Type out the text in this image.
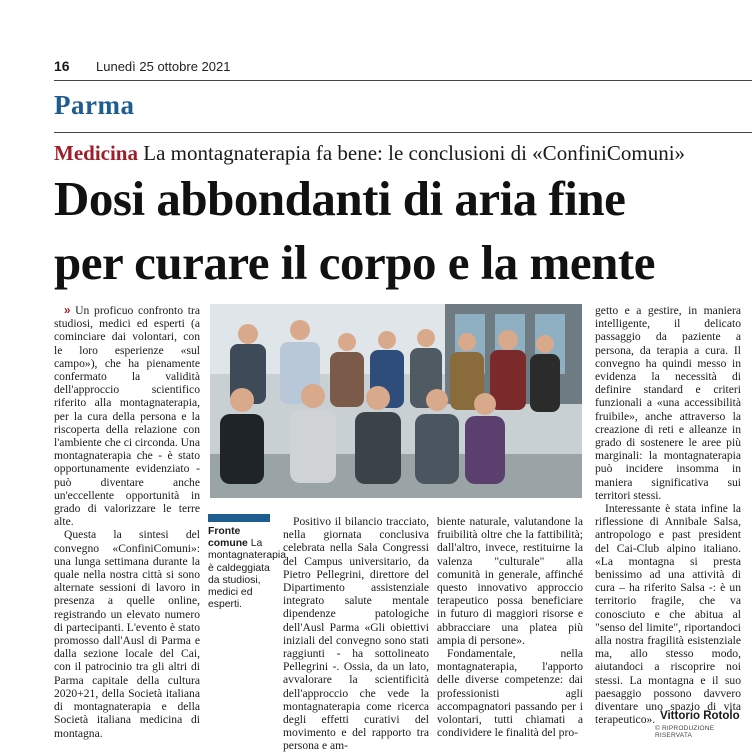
16 Lunedì 25 ottobre 2021
Parma
Medicina La montagnaterapia fa bene: le conclusioni di «ConfiniComuni»
Dosi abbondanti di aria fine
per curare il corpo e la mente

» Un proficuo confronto tra studiosi, medici ed esperti (a cominciare dai volontari, con le loro esperienze «sul campo»), che ha pienamente confermato la validità dell'approccio scientifico riferito alla montagnaterapia, per la cura della persona e la riscoperta della relazione con l'ambiente che ci circonda. Una montagnaterapia che - è stato opportunamente evidenziato - può diventare anche un'eccellente opportunità in grado di valorizzare le terre alte.

Questa la sintesi del convegno «ConfiniComuni»: una lunga settimana durante la quale nella nostra città si sono alternate sessioni di lavoro in presenza a quelle online, registrando un elevato numero di partecipanti. L'evento è stato promosso dall'Ausl di Parma e dalla sezione locale del Cai, con il patrocinio tra gli altri di Parma capitale della cultura 2020+21, della Società italiana di montagnaterapia e della Società italiana medicina di montagna.

Fronte comune La montagnaterapia è caldeggiata da studiosi, medici ed esperti.

Positivo il bilancio tracciato, nella giornata conclusiva celebrata nella Sala Congressi del Campus universitario, da Pietro Pellegrini, direttore del Dipartimento assistenziale integrato salute mentale dipendenze patologiche dell'Ausl Parma «Gli obiettivi iniziali del convegno sono stati raggiunti - ha sottolineato Pellegrini -. Ossia, da un lato, avvalorare la scientificità dell'approccio che vede la montagnaterapia come ricerca degli effetti curativi del movimento e del rapporto tra persona e am-

biente naturale, valutandone la fruibilità oltre che la fattibilità; dall'altro, invece, restituirne la valenza "culturale" alla comunità in generale, affinché questo innovativo approccio terapeutico possa beneficiare in futuro di maggiori risorse e abbracciare una platea più ampia di persone».

Fondamentale, nella montagnaterapia, l'apporto delle diverse competenze: dai professionisti agli accompagnatori passando per i volontari, tutti chiamati a condividere le finalità del pro-

getto e a gestire, in maniera intelligente, il delicato passaggio da paziente a persona, da terapia a cura. Il convegno ha quindi messo in evidenza la necessità di definire standard e criteri funzionali a «una accessibilità fruibile», anche attraverso la creazione di reti e alleanze in grado di sostenere le aree più marginali: la montagnaterapia può incidere insomma in maniera significativa sui territori stessi.

Interessante è stata infine la riflessione di Annibale Salsa, antropologo e past president del Cai-Club alpino italiano. «La montagna si presta benissimo ad una attività di cura – ha riferito Salsa -: è un territorio fragile, che va conosciuto e che abitua al "senso del limite", riportandoci alla nostra fragilità esistenziale ma, allo stesso modo, aiutandoci a riscoprire noi stessi. La montagna e il suo paesaggio possono davvero diventare uno spazio di vita terapeutico». Vittorio Rotolo
© RIPRODUZIONE RISERVATA
